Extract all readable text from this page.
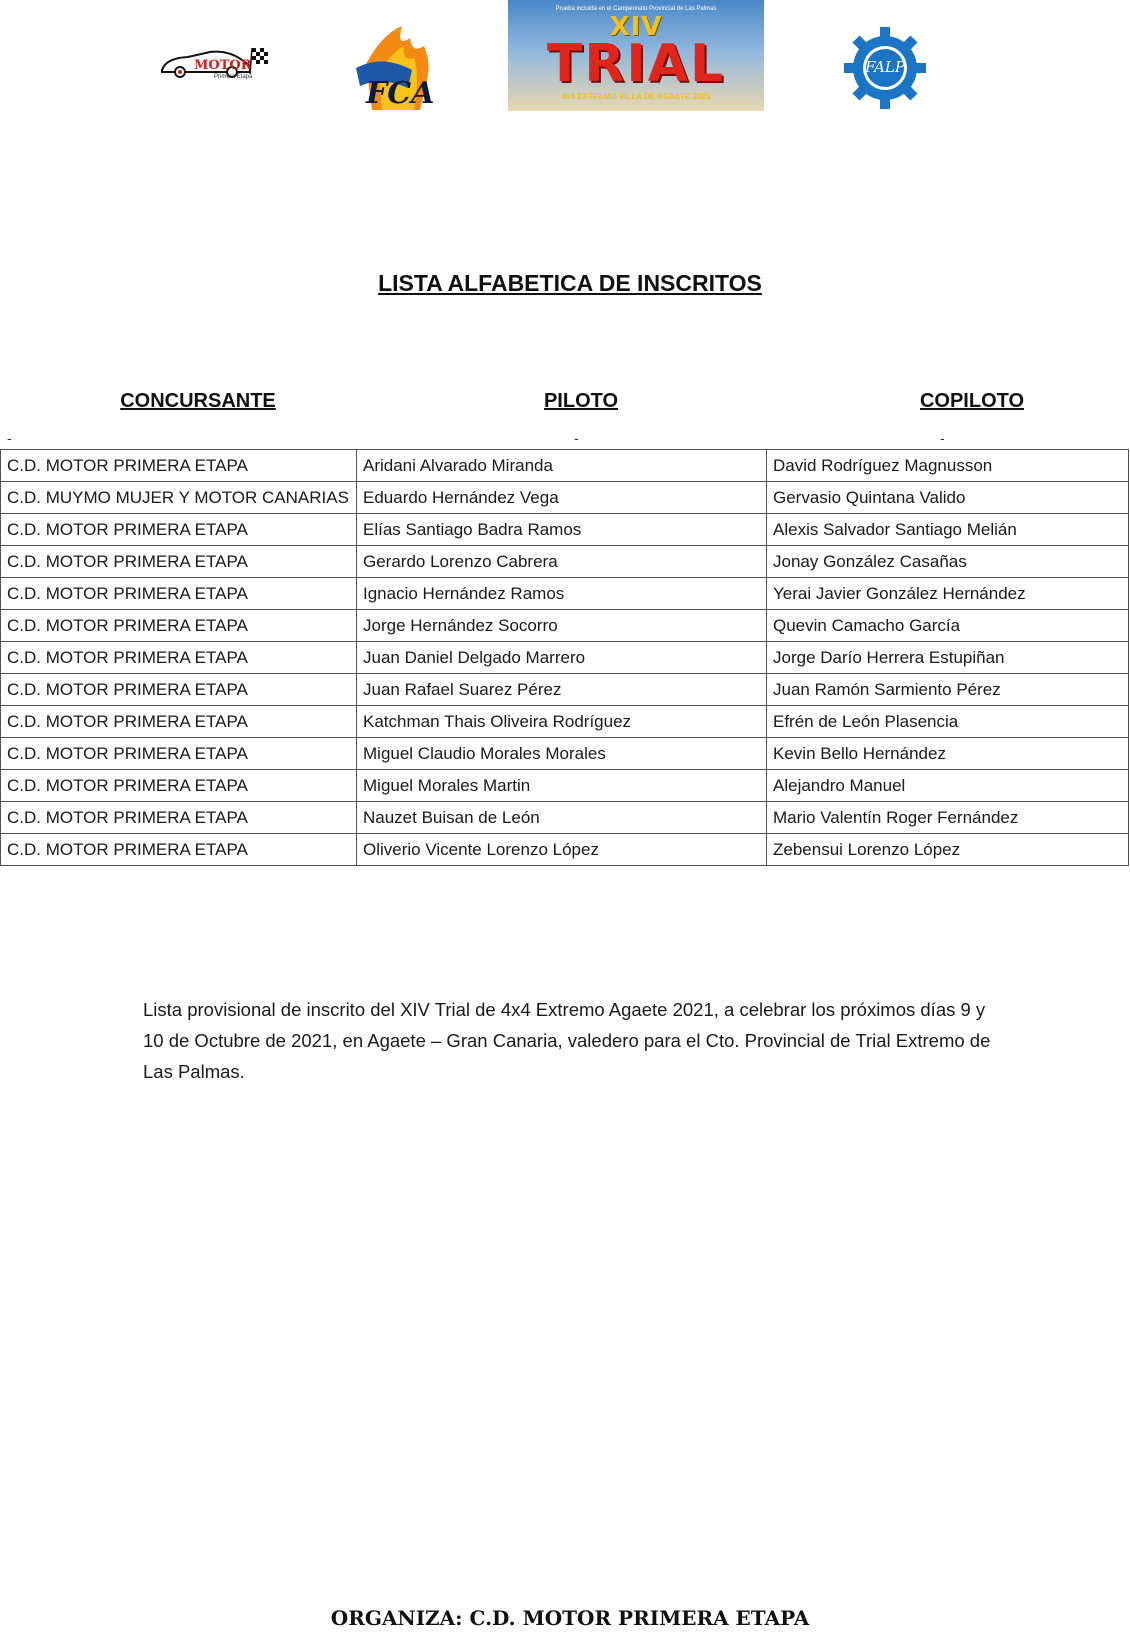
MOTOR
Primera Etapa	FCA
Prueba incluida en el Campeonato Provincial de Las Palmas
XIV
TRIAL
4x4 EXTREMO VILLA DE AGAETE 2021
FALP
LISTA ALFABETICA DE INSCRITOS
CONCURSANTE	PILOTO	COPILOTO
-	-	-
C.D. MOTOR PRIMERA ETAPA	Aridani Alvarado Miranda	David Rodríguez Magnusson
C.D. MUYMO MUJER Y MOTOR CANARIAS	Eduardo Hernández Vega	Gervasio Quintana Valido
C.D. MOTOR PRIMERA ETAPA	Elías Santiago Badra Ramos	Alexis Salvador Santiago Melián
C.D. MOTOR PRIMERA ETAPA	Gerardo Lorenzo Cabrera	Jonay González Casañas
C.D. MOTOR PRIMERA ETAPA	Ignacio Hernández Ramos	Yerai Javier González Hernández
C.D. MOTOR PRIMERA ETAPA	Jorge Hernández Socorro	Quevin Camacho García
C.D. MOTOR PRIMERA ETAPA	Juan Daniel Delgado Marrero	Jorge Darío Herrera Estupiñan
C.D. MOTOR PRIMERA ETAPA	Juan Rafael Suarez Pérez	Juan Ramón Sarmiento Pérez
C.D. MOTOR PRIMERA ETAPA	Katchman Thais Oliveira Rodríguez	Efrén de León Plasencia
C.D. MOTOR PRIMERA ETAPA	Miguel Claudio Morales Morales	Kevin Bello Hernández
C.D. MOTOR PRIMERA ETAPA	Miguel Morales Martin	Alejandro Manuel
C.D. MOTOR PRIMERA ETAPA	Nauzet Buisan de León	Mario Valentín Roger Fernández
C.D. MOTOR PRIMERA ETAPA	Oliverio Vicente Lorenzo López	Zebensui Lorenzo López
Lista provisional de inscrito del XIV Trial de 4x4 Extremo Agaete 2021, a celebrar los próximos días 9 y 10 de Octubre de 2021, en Agaete – Gran Canaria, valedero para el Cto. Provincial de Trial Extremo de Las Palmas.
ORGANIZA: C.D. MOTOR PRIMERA ETAPA
